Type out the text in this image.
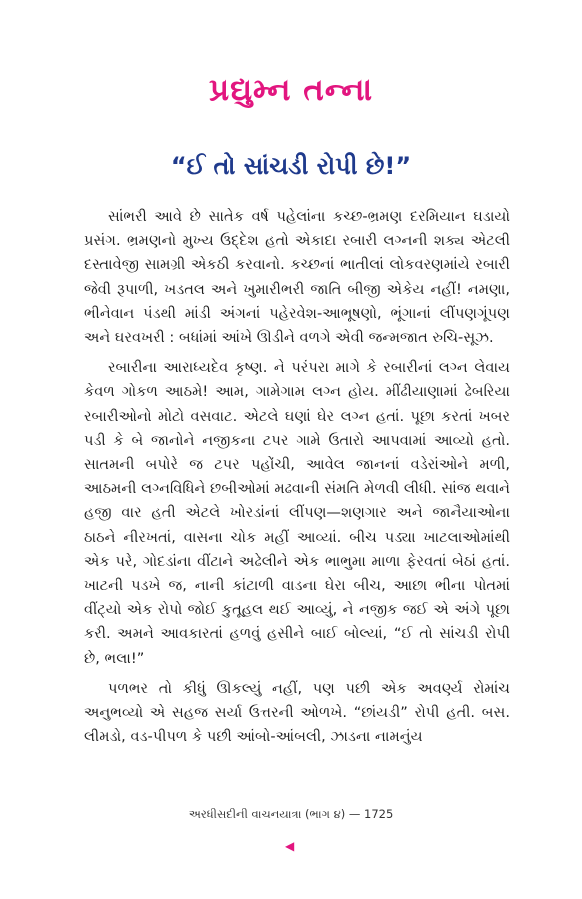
પ્રદ્યુમ્ન તન્ના
“ઈ તો સાંચડી રોપી છે!”

સાંભરી આવે છે સાતેક વર્ષ પહેલાંના કચ્છ-ભ્રમણ દરમિયાન ઘડાયો પ્રસંગ. ભ્રમણનો મુખ્ય ઉદ્દેશ હતો એકાદા રબારી લગ્નની શક્ય એટલી દસ્તાવેજી સામગ્રી એકઠી કરવાનો. કચ્છનાં ભાતીલાં લોકવરણમાંયે રબારી જેવી રૂપાળી, ખડતલ અને ખુમારીભરી જાતિ બીજી એકેય નહીં! નમણા, ભીનેવાન પંડથી માંડી અંગનાં પહેરવેશ-આભૂષણો, ભૂંગાનાં લીંપણગૂંપણ અને ઘરવખરી : બધાંમાં આંખે ઊડીને વળગે એવી જન્મજાત રુચિ-સૂઝ.

રબારીના આરાધ્યદેવ કૃષ્ણ. ને પરંપરા માગે કે રબારીનાં લગ્ન લેવાય કેવળ ગોકળ આઠમે! આમ, ગામેગામ લગ્ન હોય. મીંઢીયાણામાં ઢેબરિયા રબારીઓનો મોટો વસવાટ. એટલે ઘણાં ઘેર લગ્ન હતાં. પૂછા કરતાં ખબર પડી કે બે જાનોને નજીકના ટપર ગામે ઉતારો આપવામાં આવ્યો હતો. સાતમની બપોરે જ ટપર પહોંચી, આવેલ જાનનાં વડેરાંઓને મળી, આઠમની લગ્નવિધિને છબીઓમાં મઢવાની સંમતિ મેળવી લીધી. સાંજ થવાને હજી વાર હતી એટલે ખોરડાંનાં લીંપણ—શણગાર અને જાનૈયાઓના ઠાઠને નીરખતાં, વાસના ચોક મહીં આવ્યાં. બીચ પડ્યા ખાટલાઓમાંથી એક પરે, ગોદડાંના વીંટાને અઢેલીને એક ભાભુમા માળા ફેરવતાં બેઠાં હતાં. ખાટની પડખે જ, નાની કાંટાળી વાડના ઘેરા બીચ, આછા ભીના પોતમાં વીંટ્યો એક રોપો જોઈ કુતૂહલ થઈ આવ્યું, ને નજીક જઈ એ અંગે પૂછા કરી. અમને આવકારતાં હળવું હસીને બાઈ બોલ્યાં, “ઈ તો સાંચડી રોપી છે, ભલા!”

પળભર તો કીધું ઊકલ્યું નહીં, પણ પછી એક અવર્ણ્ય રોમાંચ અનુભવ્યો એ સહજ સર્યા ઉત્તરની ઓળખે. “છાંયડી” રોપી હતી. બસ. લીમડો, વડ-પીપળ કે પછી આંબો-આંબલી, ઝાડના નામનુંય

અરધીસદીની વાચનયાત્રા (ભાગ ૪) — 1725
◀
